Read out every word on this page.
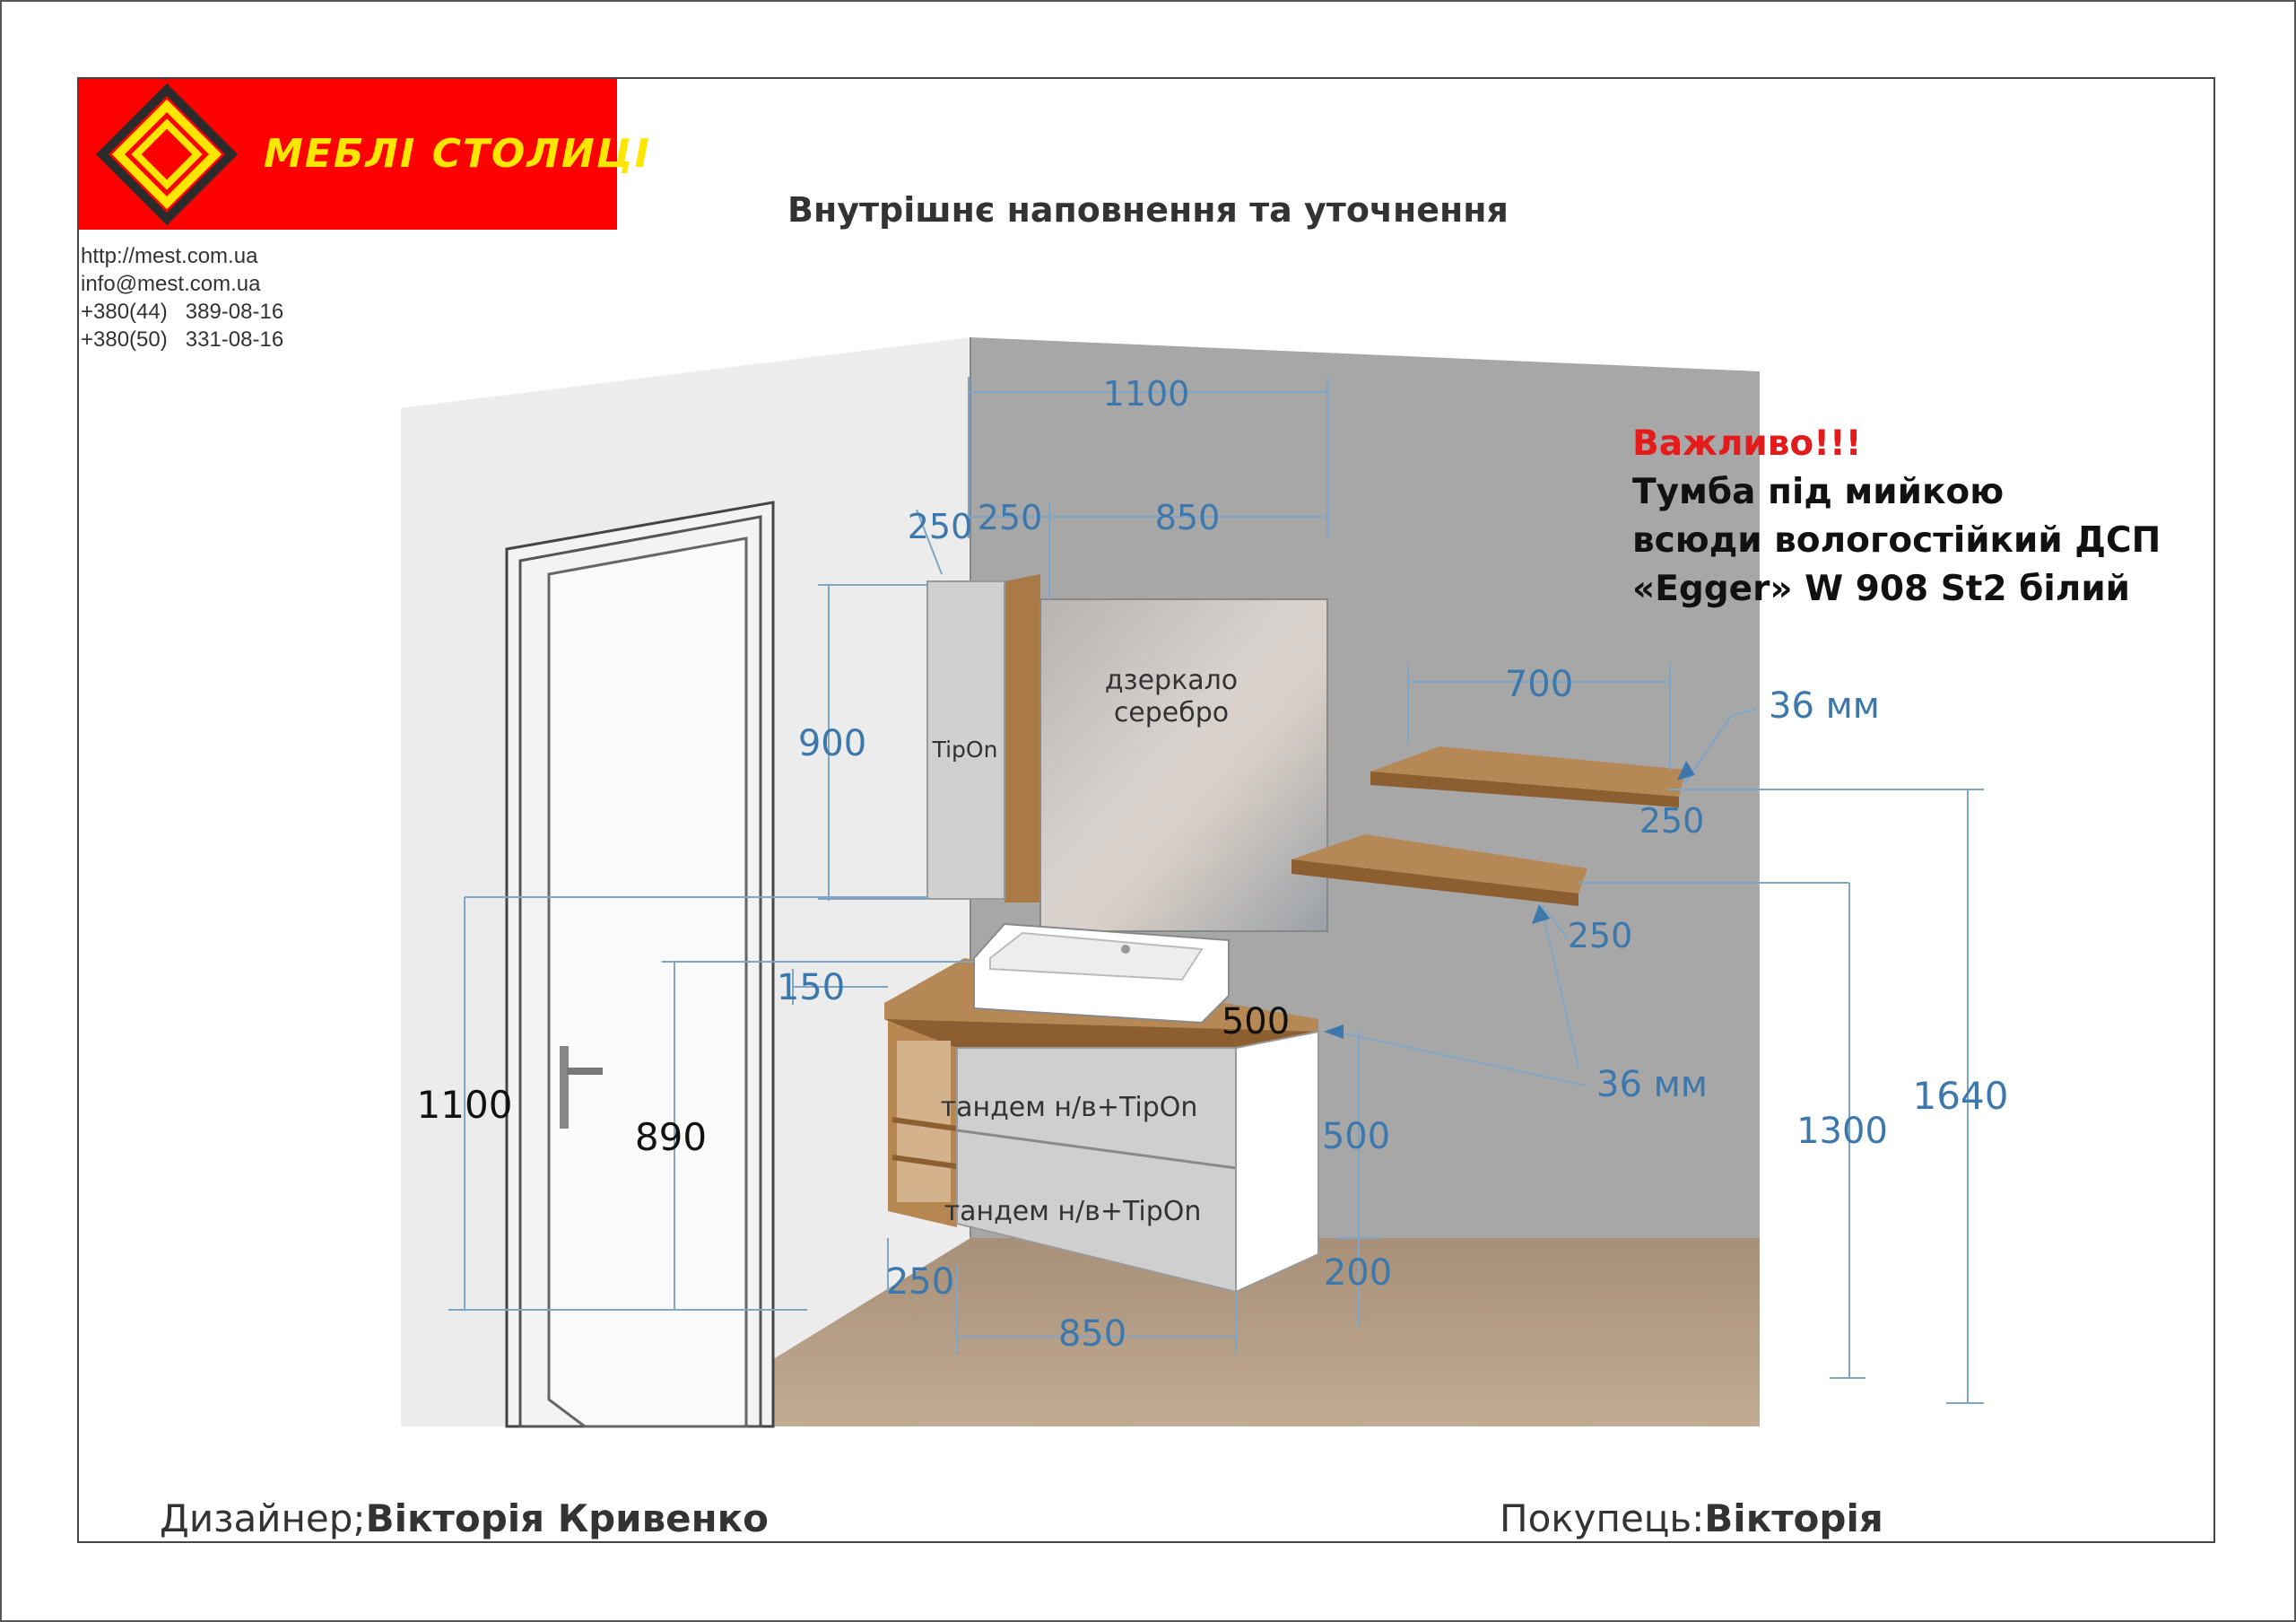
1100
250 250	850
900
700
36 мм
250
250
36 мм
150
500
500
200
250
850
1100
890	1300
1640
TipOn
дзеркало
серебро
тандем н/в+TipOn
тандем н/в+TipOn
МЕБЛІ СТОЛИЦІ
http://mest.com.ua
info@mest.com.ua
+380(44)   389-08-16
+380(50)   331-08-16
Внутрішнє наповнення та уточнення
Важливо!!!
Тумба під мийкою
всюди вологостійкий ДСП
«Egger» W 908 St2 білий
Дизайнер;Вікторія Кривенко	Покупець:Вікторія
